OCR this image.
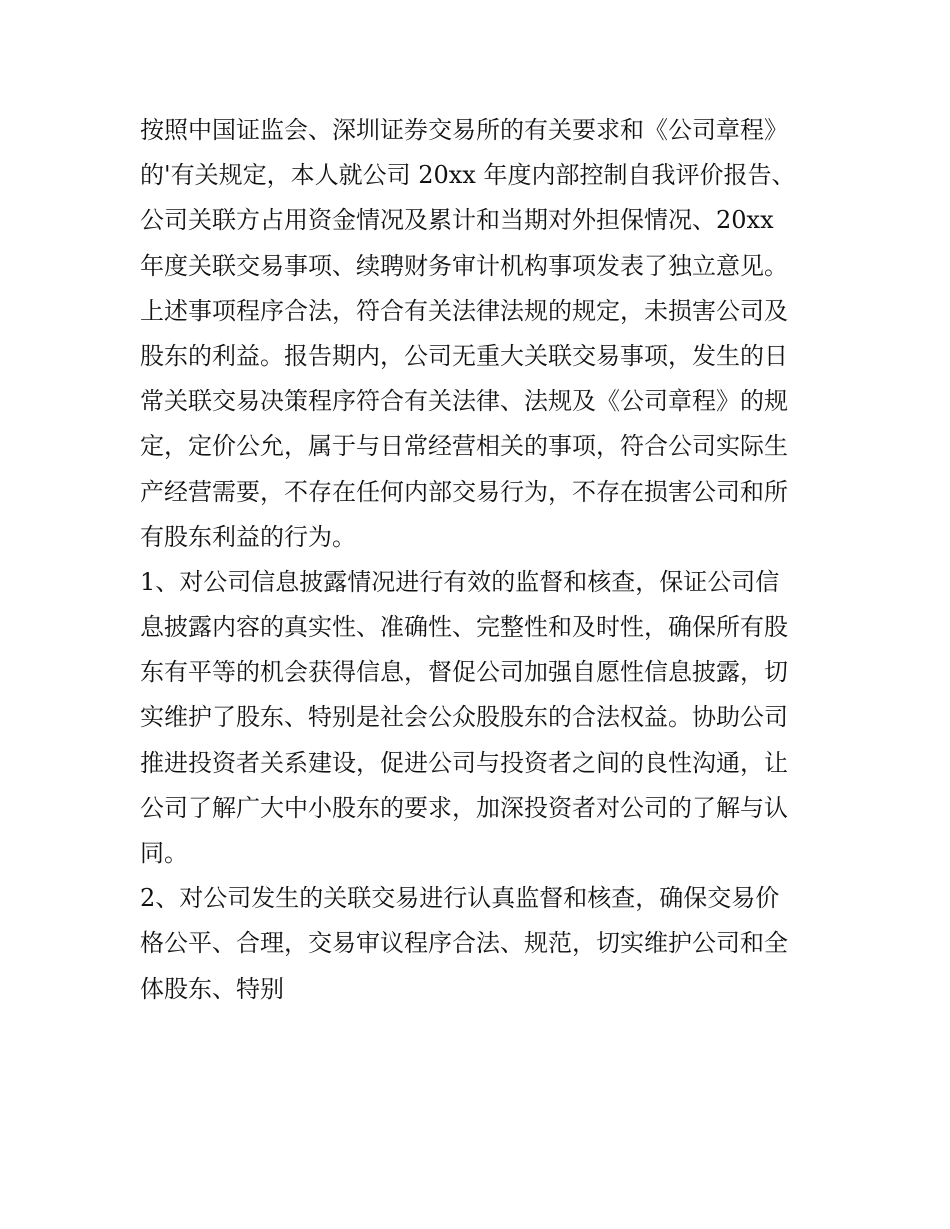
按照中国证监会、深圳证券交易所的有关要求和《公司章程》
的'有关规定，本人就公司 20xx 年度内部控制自我评价报告、
公司关联方占用资金情况及累计和当期对外担保情况、20xx
年度关联交易事项、续聘财务审计机构事项发表了独立意见。
上述事项程序合法，符合有关法律法规的规定，未损害公司及
股东的利益。报告期内，公司无重大关联交易事项，发生的日
常关联交易决策程序符合有关法律、法规及《公司章程》的规
定，定价公允，属于与日常经营相关的事项，符合公司实际生
产经营需要，不存在任何内部交易行为，不存在损害公司和所
有股东利益的行为。
1、对公司信息披露情况进行有效的监督和核查，保证公司信
息披露内容的真实性、准确性、完整性和及时性，确保所有股
东有平等的机会获得信息，督促公司加强自愿性信息披露，切
实维护了股东、特别是社会公众股股东的合法权益。协助公司
推进投资者关系建设，促进公司与投资者之间的良性沟通，让
公司了解广大中小股东的要求，加深投资者对公司的了解与认
同。
2、对公司发生的关联交易进行认真监督和核查，确保交易价
格公平、合理，交易审议程序合法、规范，切实维护公司和全
体股东、特别
